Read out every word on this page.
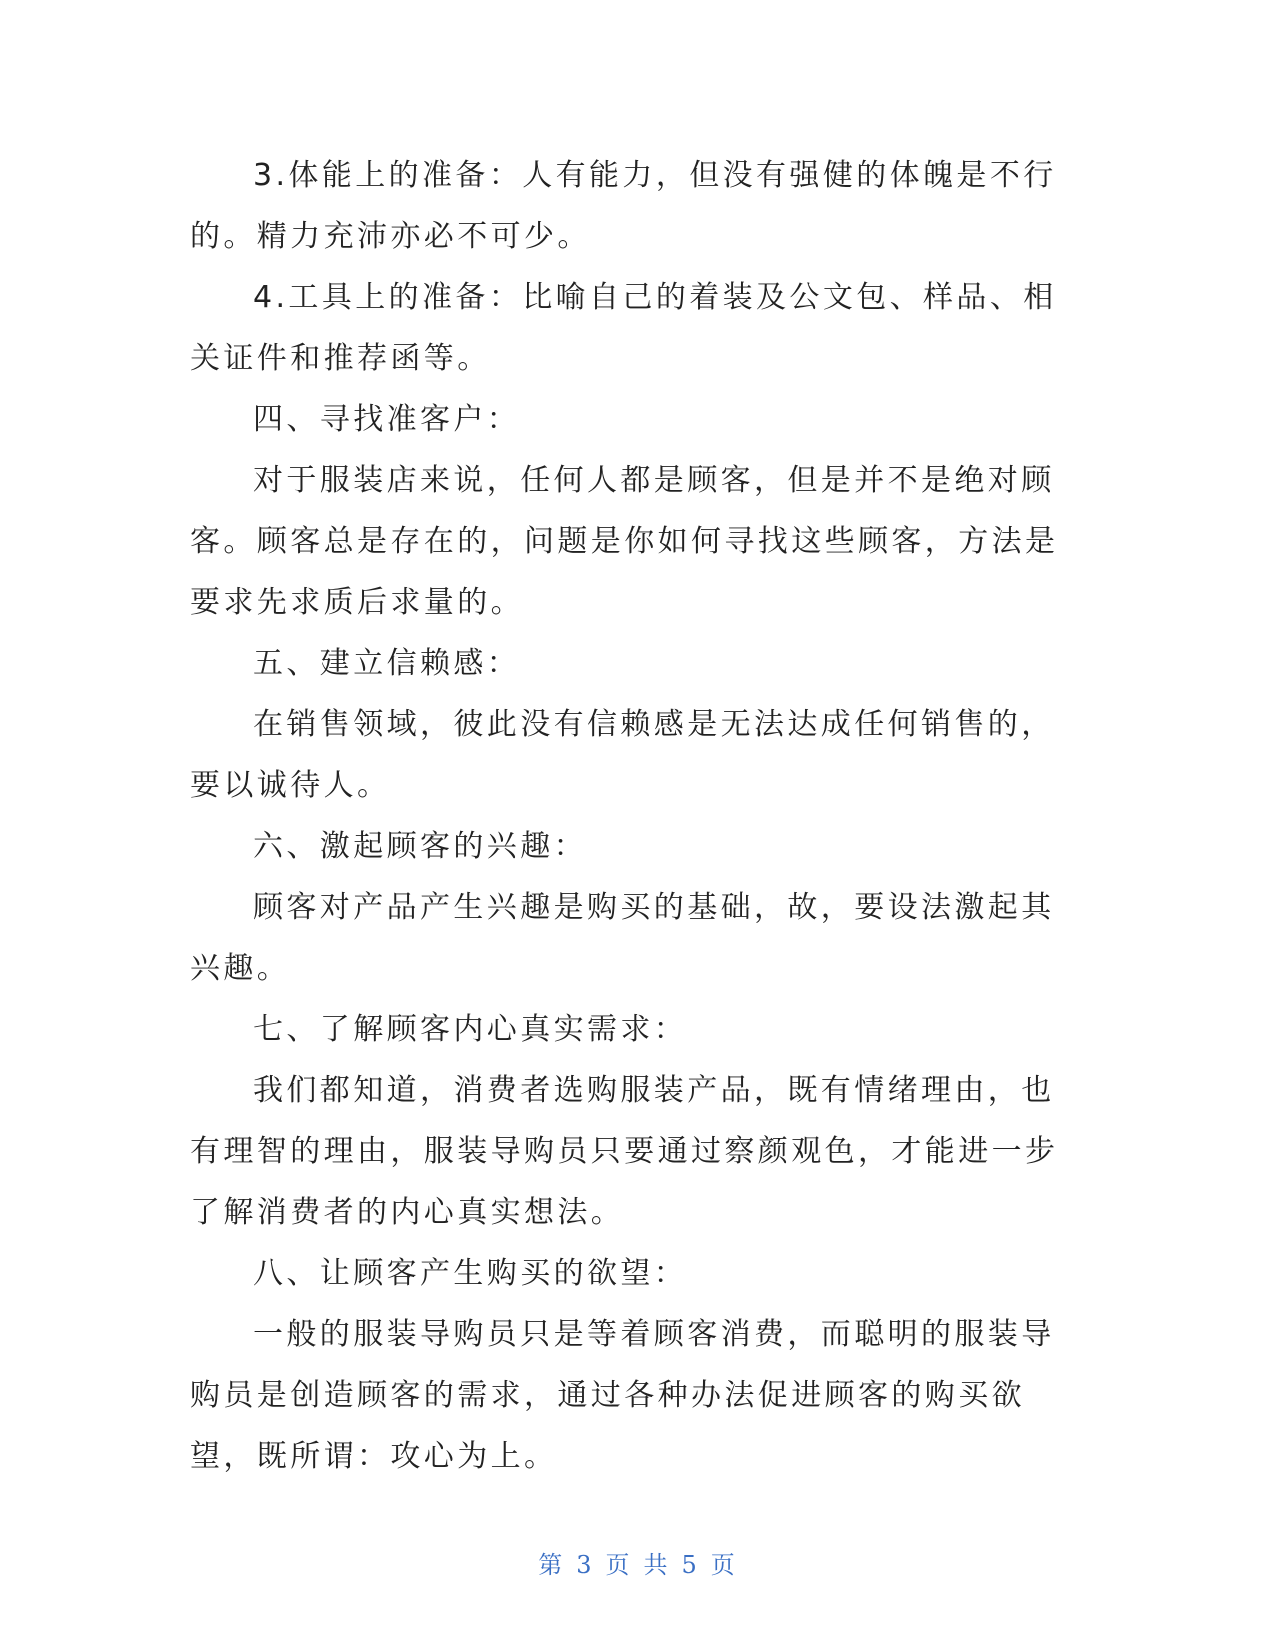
3.体能上的准备：人有能力，但没有强健的体魄是不行的。精力充沛亦必不可少。

4.工具上的准备：比喻自己的着装及公文包、样品、相关证件和推荐函等。

四、寻找准客户：

对于服装店来说，任何人都是顾客，但是并不是绝对顾客。顾客总是存在的，问题是你如何寻找这些顾客，方法是要求先求质后求量的。

五、建立信赖感：

在销售领域，彼此没有信赖感是无法达成任何销售的，要以诚待人。

六、激起顾客的兴趣：

顾客对产品产生兴趣是购买的基础，故，要设法激起其兴趣。

七、了解顾客内心真实需求：

我们都知道，消费者选购服装产品，既有情绪理由，也有理智的理由，服装导购员只要通过察颜观色，才能进一步了解消费者的内心真实想法。

八、让顾客产生购买的欲望：

一般的服装导购员只是等着顾客消费，而聪明的服装导购员是创造顾客的需求，通过各种办法促进顾客的购买欲望，既所谓：攻心为上。

第 3 页 共 5 页
